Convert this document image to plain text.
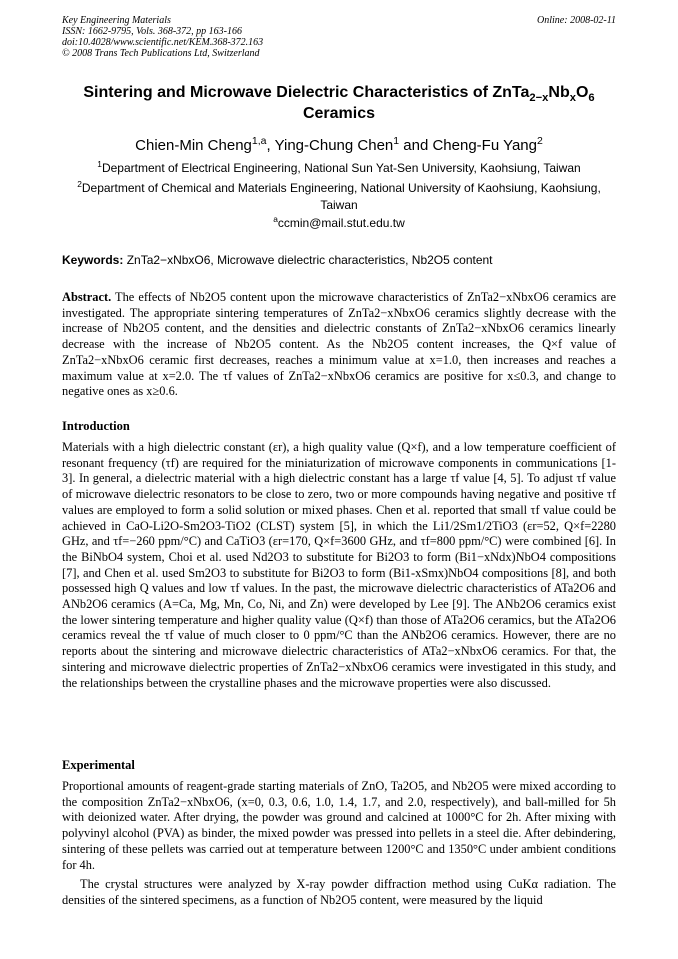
Key Engineering Materials
ISSN: 1662-9795, Vols. 368-372, pp 163-166
doi:10.4028/www.scientific.net/KEM.368-372.163
© 2008 Trans Tech Publications Ltd, Switzerland
Online: 2008-02-11
Sintering and Microwave Dielectric Characteristics of $ZnTa_{2-x}Nb_xO_6$
Ceramics
Chien-Min Cheng$^{1,a}$, Ying-Chung Chen$^1$ and Cheng-Fu Yang$^2$
$^1$Department of Electrical Engineering, National Sun Yat-Sen University, Kaohsiung, Taiwan
$^2$Department of Chemical and Materials Engineering, National University of Kaohsiung, Kaohsiung, Taiwan
$^a$ccmin@mail.stut.edu.tw
Keywords: ZnTa2−xNbxO6, Microwave dielectric characteristics, Nb2O5 content
Abstract. The effects of Nb2O5 content upon the microwave characteristics of ZnTa2−xNbxO6 ceramics are investigated. The appropriate sintering temperatures of ZnTa2−xNbxO6 ceramics slightly decrease with the increase of Nb2O5 content, and the densities and dielectric constants of ZnTa2−xNbxO6 ceramics linearly decrease with the increase of Nb2O5 content. As the Nb2O5 content increases, the Q×f value of ZnTa2−xNbxO6 ceramic first decreases, reaches a minimum value at x=1.0, then increases and reaches a maximum value at x=2.0. The τf values of ZnTa2−xNbxO6 ceramics are positive for x≤0.3, and change to negative ones as x≥0.6.
Introduction
Materials with a high dielectric constant (εr), a high quality value (Q×f), and a low temperature coefficient of resonant frequency (τf) are required for the miniaturization of microwave components in communications [1-3]. In general, a dielectric material with a high dielectric constant has a large τf value [4, 5]. To adjust τf value of microwave dielectric resonators to be close to zero, two or more compounds having negative and positive τf values are employed to form a solid solution or mixed phases. Chen et al. reported that small τf value could be achieved in CaO-Li2O-Sm2O3-TiO2 (CLST) system [5], in which the Li1/2Sm1/2TiO3 (εr=52, Q×f=2280 GHz, and τf=−260 ppm/°C) and CaTiO3 (εr=170, Q×f=3600 GHz, and τf=800 ppm/°C) were combined [6]. In the BiNbO4 system, Choi et al. used Nd2O3 to substitute for Bi2O3 to form (Bi1−xNdx)NbO4 compositions [7], and Chen et al. used Sm2O3 to substitute for Bi2O3 to form (Bi1-xSmx)NbO4 compositions [8], and both possessed high Q values and low τf values. In the past, the microwave dielectric characteristics of ATa2O6 and ANb2O6 ceramics (A=Ca, Mg, Mn, Co, Ni, and Zn) were developed by Lee [9]. The ANb2O6 ceramics exist the lower sintering temperature and higher quality value (Q×f) than those of ATa2O6 ceramics, but the ATa2O6 ceramics reveal the τf value of much closer to 0 ppm/°C than the ANb2O6 ceramics. However, there are no reports about the sintering and microwave dielectric characteristics of ATa2−xNbxO6 ceramics. For that, the sintering and microwave dielectric properties of ZnTa2−xNbxO6 ceramics were investigated in this study, and the relationships between the crystalline phases and the microwave properties were also discussed.
Experimental
Proportional amounts of reagent-grade starting materials of ZnO, Ta2O5, and Nb2O5 were mixed according to the composition ZnTa2−xNbxO6, (x=0, 0.3, 0.6, 1.0, 1.4, 1.7, and 2.0, respectively), and ball-milled for 5h with deionized water. After drying, the powder was ground and calcined at 1000°C for 2h. After mixing with polyvinyl alcohol (PVA) as binder, the mixed powder was pressed into pellets in a steel die. After debindering, sintering of these pellets was carried out at temperature between 1200°C and 1350°C under ambient conditions for 4h.
The crystal structures were analyzed by X-ray powder diffraction method using CuKα radiation. The densities of the sintered specimens, as a function of Nb2O5 content, were measured by the liquid
